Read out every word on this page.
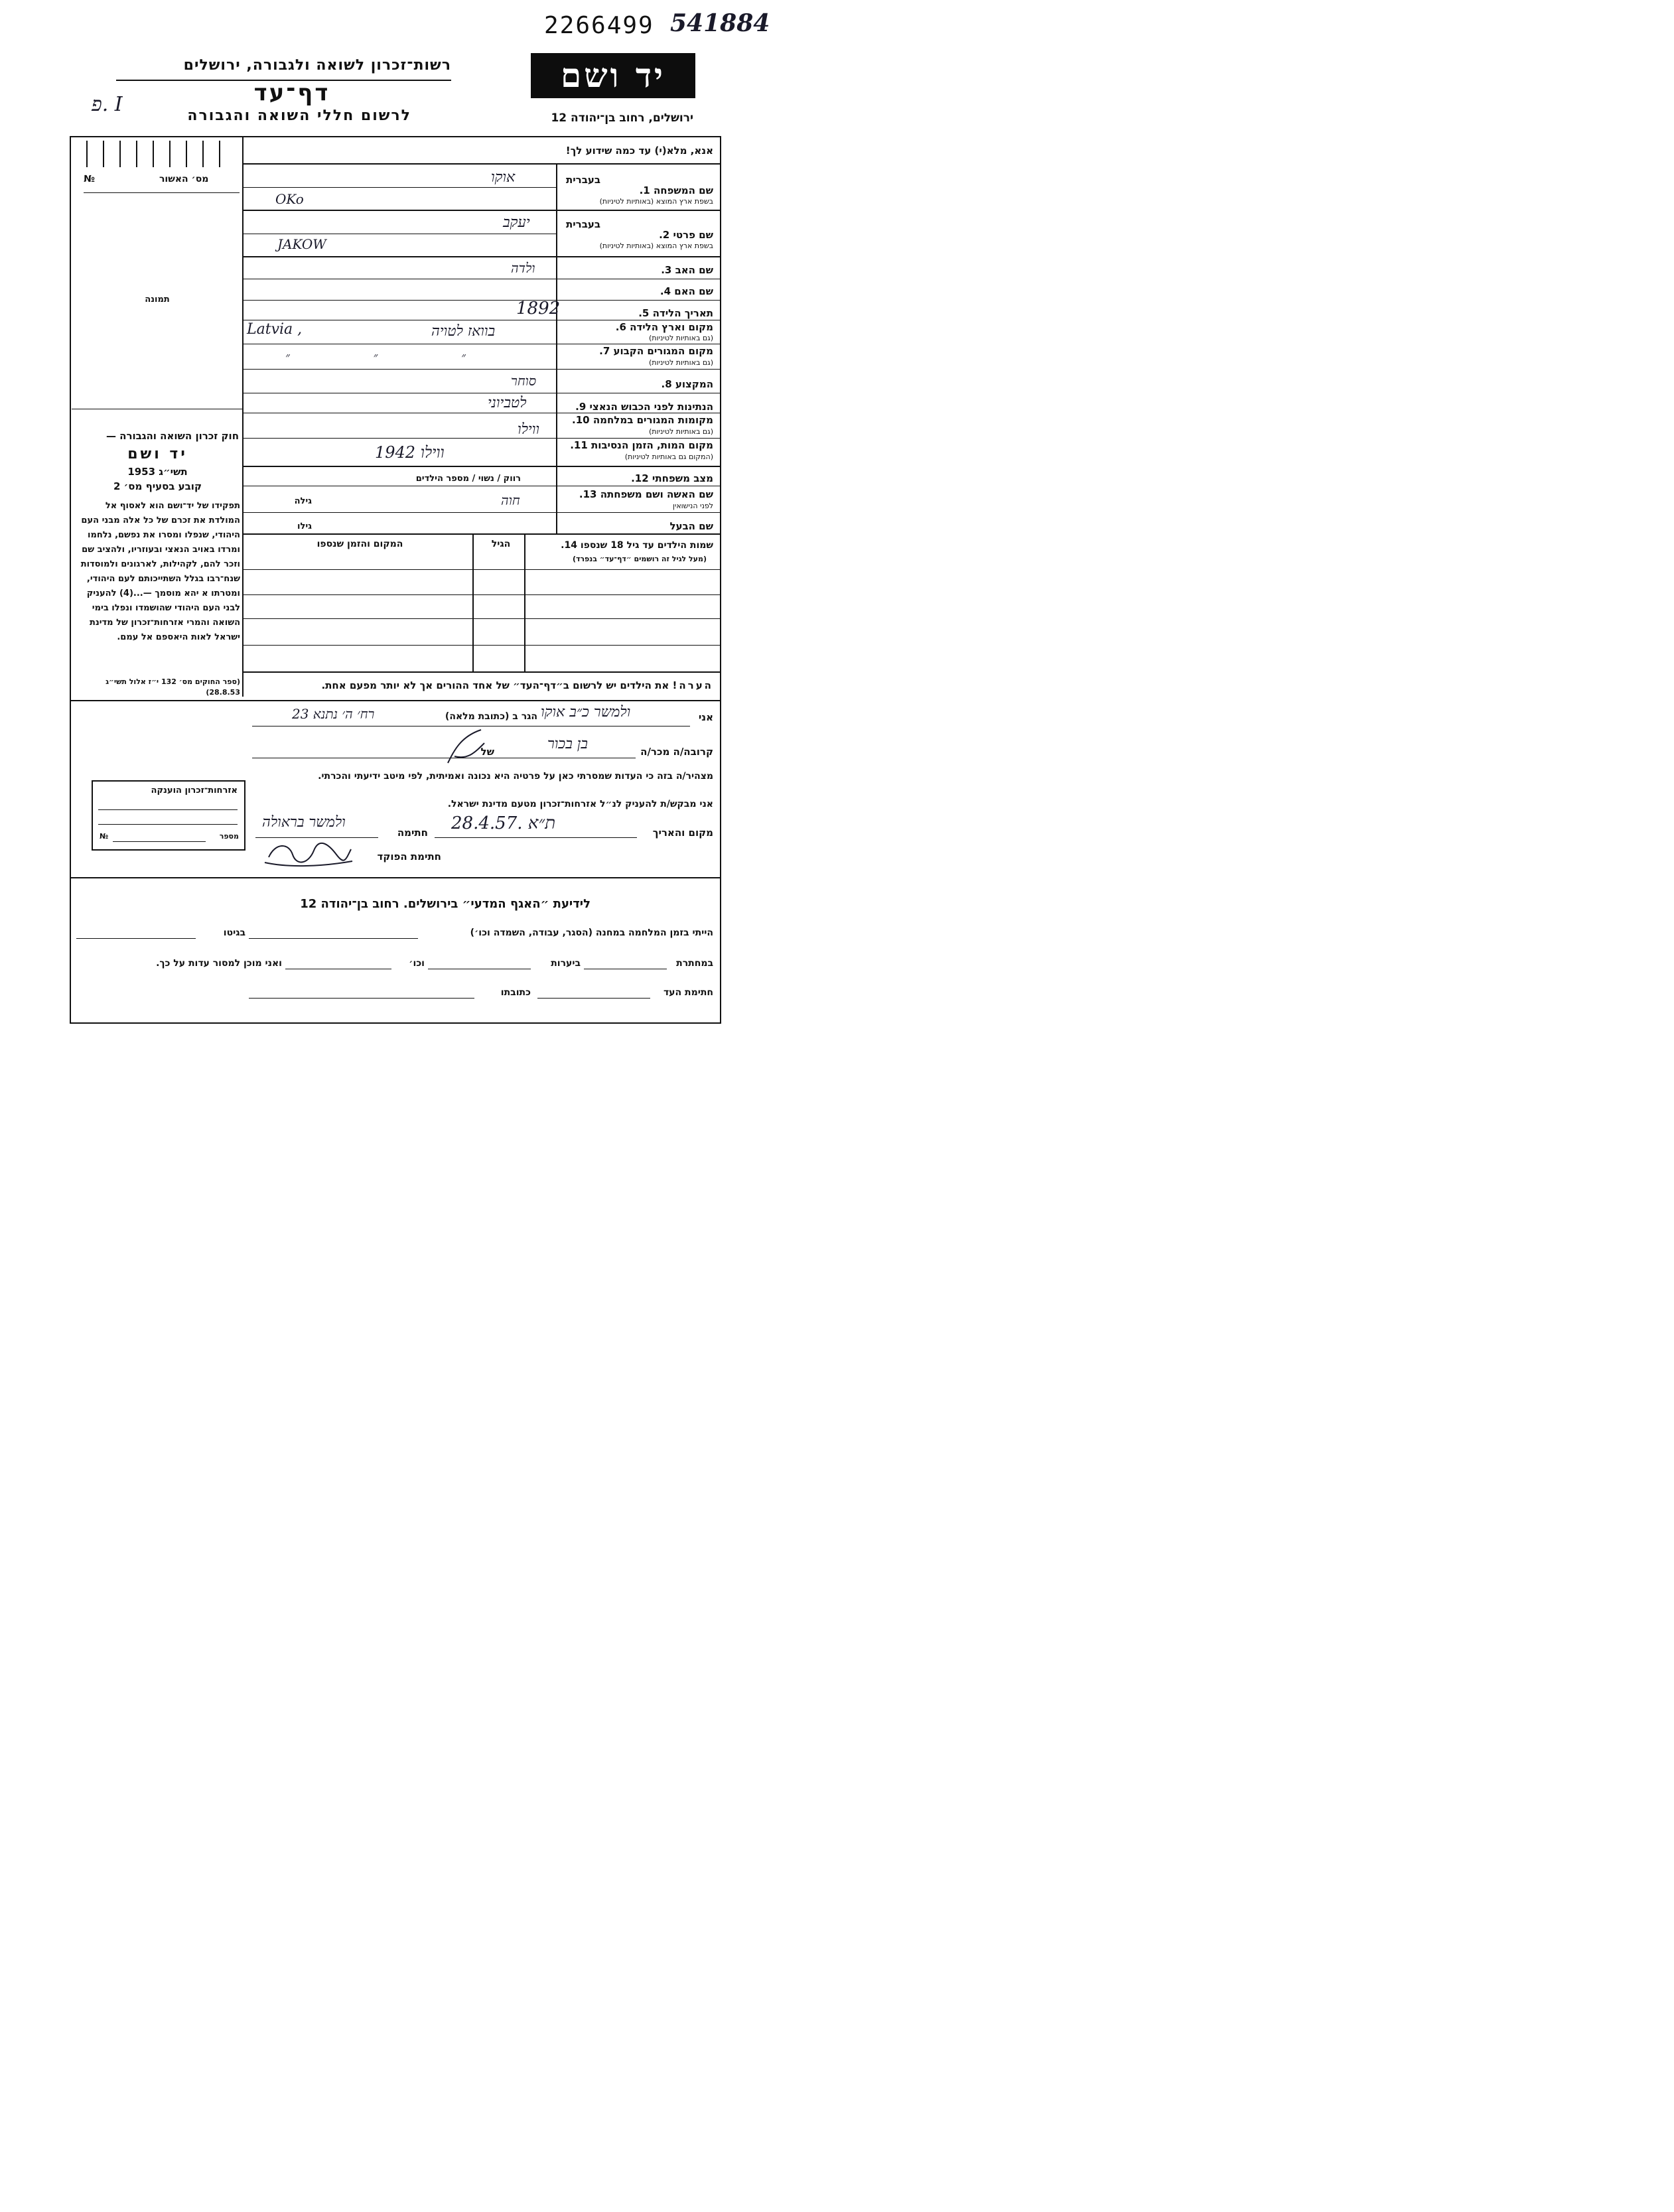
2266499 541884
רשות־זכרון לשואה ולגבורה, ירושלים
דף־עד
לרשום חללי השואה והגבורה
פ. I
יד ושם
ירושלים, רחוב בן־יהודה 12
מס׳ האשור
№
תמונה
חוק זכרון השואה והגבורה —
יד ושם
תשי״ג 1953
קובע בסעיף מס׳ 2
תפקידו של יד־ושם הוא לאסוף אל המולדת את זכרם של כל אלה מבני העם היהודי, שנפלו ומסרו את נפשם, נלחמו ומרדו באויב הנאצי ובעוזריו, ולהציב שם וזכר להם, לקהילות, לארגונים ולמוסדות שנח־רבו בגלל השתייכותם לעם היהודי, ומטרתו א יהא מוסמך —...(4) להעניק לבני העם היהודי שהושמדו ונפלו בימי השואה והמרי אזרחות־זכרון של מדינת ישראל לאות היאספם אל עמם.
(ספר החוקים מס׳ 132 י״ז אלול תשי״ג 28.8.53)
אנא, מלא(י) עד כמה שידוע לך!
בעברית
שם המשפחה 1.
בשפת ארץ המוצא (באותיות לטיניות)
אוקו
OKo
בעברית
שם פרטי 2.
בשפת ארץ המוצא (באותיות לטיניות)
יעקב
JAKOW
שם האב 3.
ולדה
שם האם 4.
תאריך הלידה 5.
1892
מקום וארץ הלידה 6.
(גם באותיות לטיניות)
בוואז לטויה
Latvia ,
מקום המגורים הקבוע 7.
(גם באותיות לטיניות)
״ ״ ״
המקצוע 8.
סוחר
הנתינות לפני הכבוש הנאצי 9.
לטביוני
מקומות המגורים במלחמה 10.
(גם באותיות לטיניות)
ווילו
מקום המות, הזמן הנסיבות 11.
(המקום גם באותיות לטיניות)
1942 ווילו
מצב משפחתי 12.
רווק / נשוי / מספר הילדים
שם האשה ושם משפחתה 13.
לפני הנישואין
חוה
גילה
שם הבעל
גילו
שמות הילדים עד גיל 18 שנספו 14.
(מעל לגיל זה רושמים ״דף־עד״ בנפרד)
הגיל
המקום והזמן שנספו
הערה! את הילדים יש לרשום ב״דף־העד״ של אחד ההורים אך לא יותר מפעם אחת.
אני
ולמשר כ״ב אוקו
הגר ב (כתובת מלאה)
רח׳ ה׳ נתנא 23
קרובה/ה מכר/ה
בן בכור
של
מצהיר/ה בזה כי העדות שמסרתי כאן על פרטיה היא נכונה ואמיתית, לפי מיטב ידיעתי והכרתי.
אני מבקש/ת להעניק לנ״ל אזרחות־זכרון מטעם מדינת ישראל.
אזרחות־זכרון הוענקה
מספר
№	מקום והאריך
28.4.57. ת״א
חתימה
ולמשר בראולה
חתימת הפוקד
לידיעת ״האגף המדעי״ בירושלים. רחוב בן־יהודה 12
הייתי בזמן המלחמה במחנה (הסגר, עבודה, השמדה וכו׳)
בגיטו
במחתרת
ביערות
וכו׳
ואני מוכן למסור עדות על כך.
חתימת העד
כתובתו
